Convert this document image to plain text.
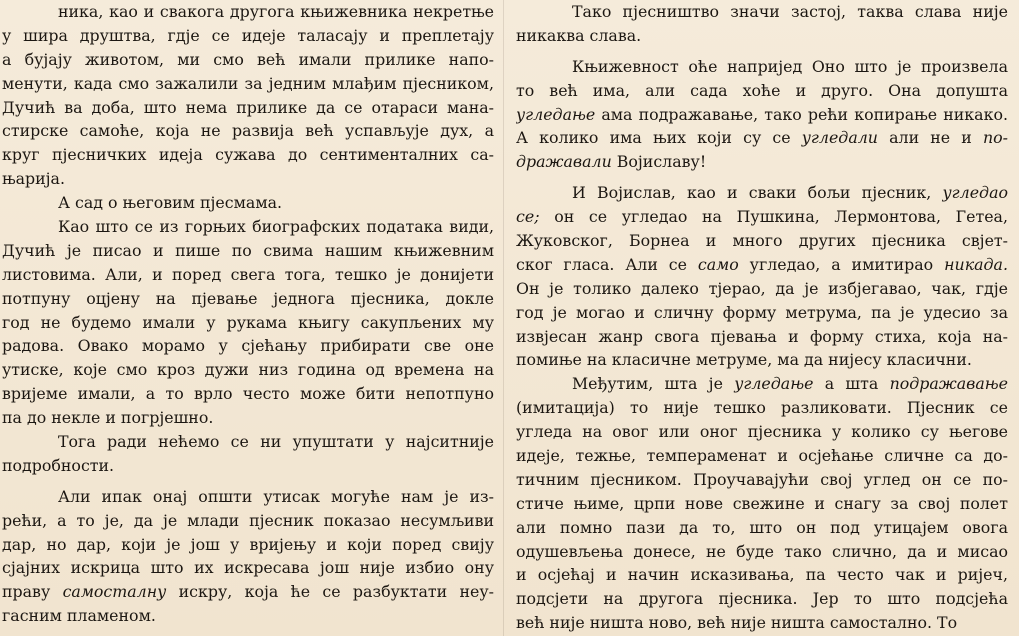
ника, као и свакога другога књижевника некретње
у шира друштва, гдје се идеје таласају и преплетају
а бујају животом, ми смо већ имали прилике напо-
менути, када смо зажалили за једним млађим пјесником,
Дучић ва доба, што нема прилике да се отараси мана-
стирске самоће, која не развија већ успављује дух, а
круг пјесничких идеја сужава до сентименталних са-
њарија.
А сад о његовим пјесмама.
Као што се из горњих биографских података види,
Дучић је писао и пише по свима нашим књижевним
листовима. Али, и поред свега тога, тешко је донијети
потпуну оцјену на пјевање једнога пјесника, докле
год не будемо имали у рукама књигу сакупљених му
радова. Овако морамо у сјећању прибирати све оне
утиске, које смо кроз дужи низ година од времена на
вријеме имали, а то врло често може бити непотпуно
па до некле и погрјешно.
Тога ради нећемо се ни упуштати у најситније
подробности.
Али ипак онај општи утисак могуће нам је из-
рећи, а то је, да је млади пјесник показао несумљиви
дар, но дар, који је још у вријењу и који поред свију
сјајних искрица што их искресава још није избио ону
праву самосталну искру, која ће се разбуктати неу-
гасним пламеном.
Тако пјесништво значи застој, таква слава није
никаква слава.
Књижевност оће напријед Оно што је произвела
то већ има, али сада хоће и друго. Она допушта
угледање ама подражавање, тако рећи копирање никако.
А колико има њих који су се угледали али не и по-
дражавали Војиславу!
И Војислав, као и сваки бољи пјесник, угледао
се; он се угледао на Пушкина, Лермонтова, Гетеа,
Жуковског, Борнеа и много других пјесника свјет-
ског гласа. Али се само угледао, а имитирао никада.
Он је толико далеко тјерао, да је избјегавао, чак, гдје
год је могао и сличну форму метрума, па је удесио за
извјесан жанр свога пјевања и форму стиха, која на-
помиње на класичне метруме, ма да нијесу класични.
Међутим, шта је угледање а шта подражавање
(имитација) то није тешко разликовати. Пјесник се
угледа на овог или оног пјесника у колико су његове
идеје, тежње, темпераменат и осјећање сличне са до-
тичним пјесником. Проучавајући свој углед он се по-
стиче њиме, црпи нове свежине и снагу за свој полет
али помно пази да то, што он под утицајем овога
одушевљења донесе, не буде тако слично, да и мисао
и осјећај и начин исказивања, па често чак и ријеч,
подсјети на другога пјесника. Јер то што подсјећа
већ није ништа ново, већ није ништа самостално. То
